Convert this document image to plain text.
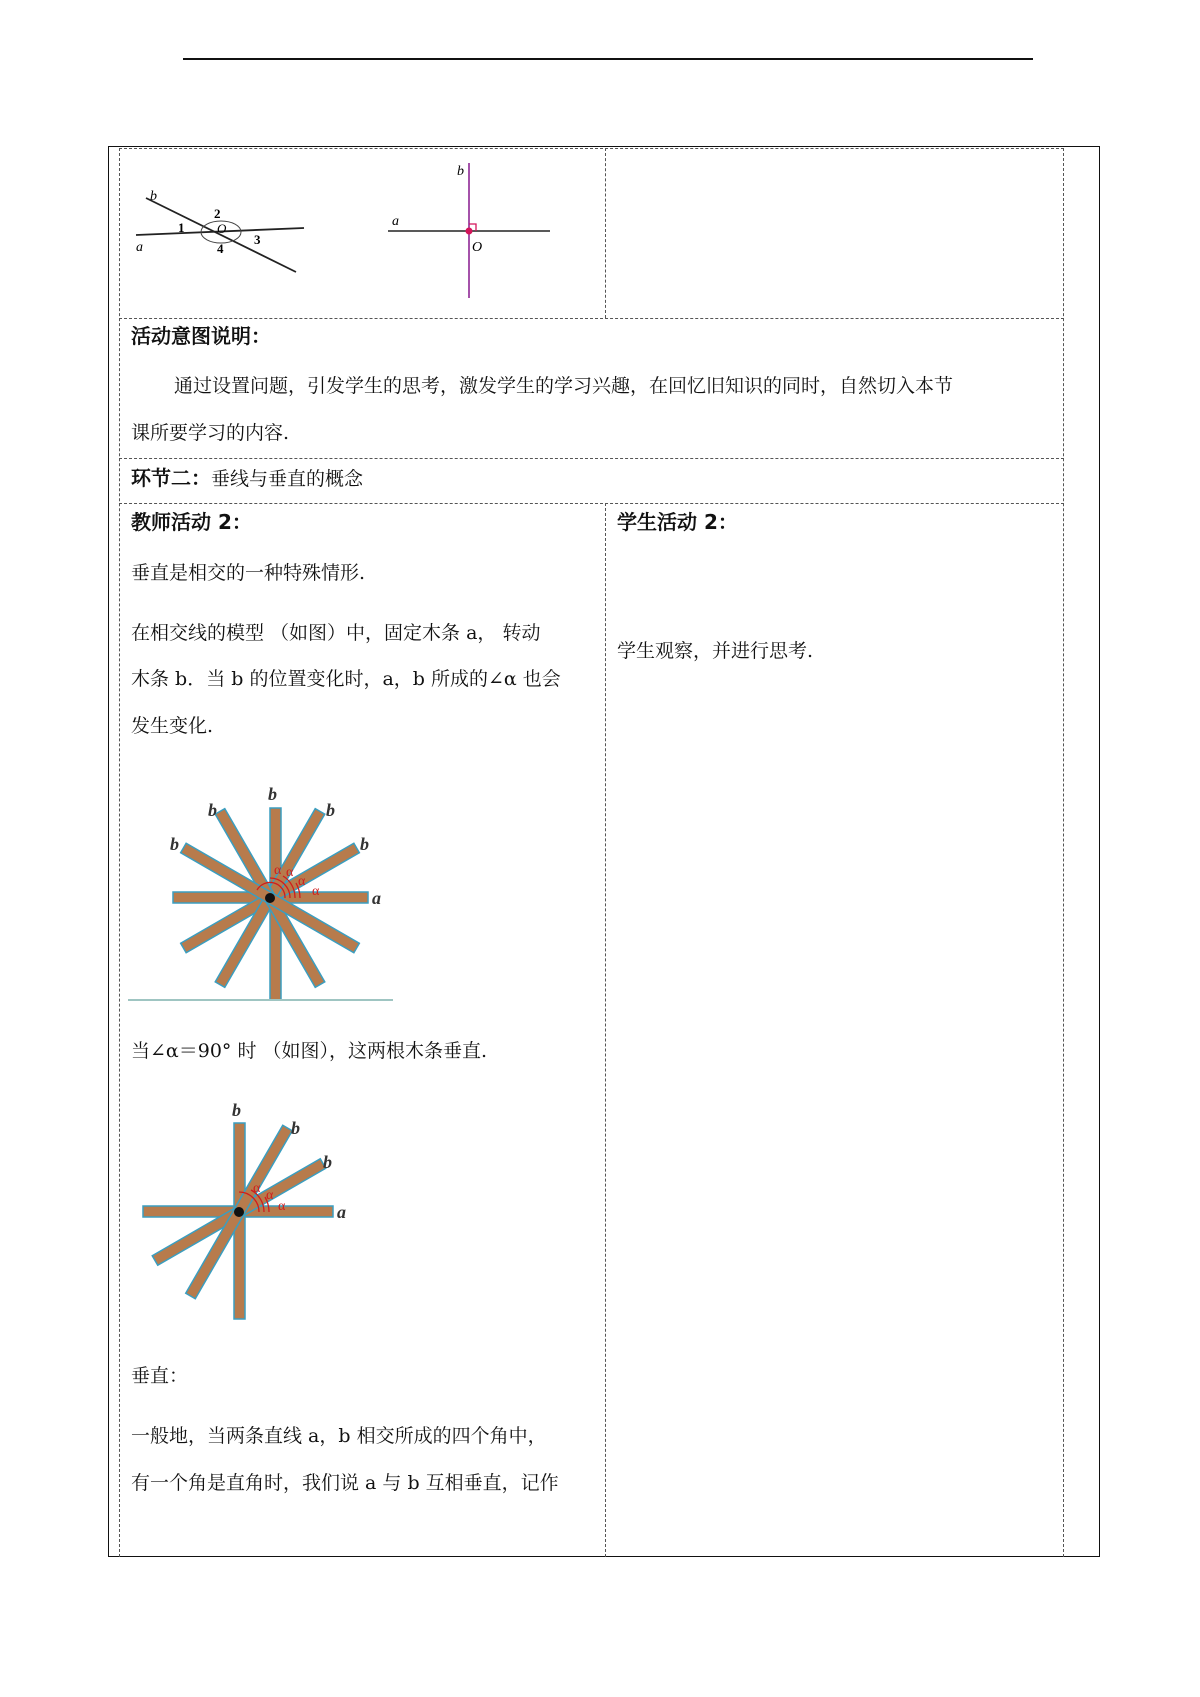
b
a
2
1	O
3
4
b
a
O
活动意图说明：
通过设置问题，引发学生的思考，激发学生的学习兴趣，在回忆旧知识的同时，自然切入本节
课所要学习的内容.
环节二：垂线与垂直的概念
教师活动 2：
垂直是相交的一种特殊情形.
在相交线的模型 （如图）中，固定木条 a， 转动
木条 b．当 b 的位置变化时，a，b 所成的∠α 也会
发生变化.
α
α
α
α
b
b	b
b	b
a
当∠α＝90° 时 （如图），这两根木条垂直.
α
α
α
b
b
b
a
垂直：
一般地，当两条直线 a，b 相交所成的四个角中，
有一个角是直角时，我们说 a 与 b 互相垂直，记作
学生活动 2：
学生观察，并进行思考.
